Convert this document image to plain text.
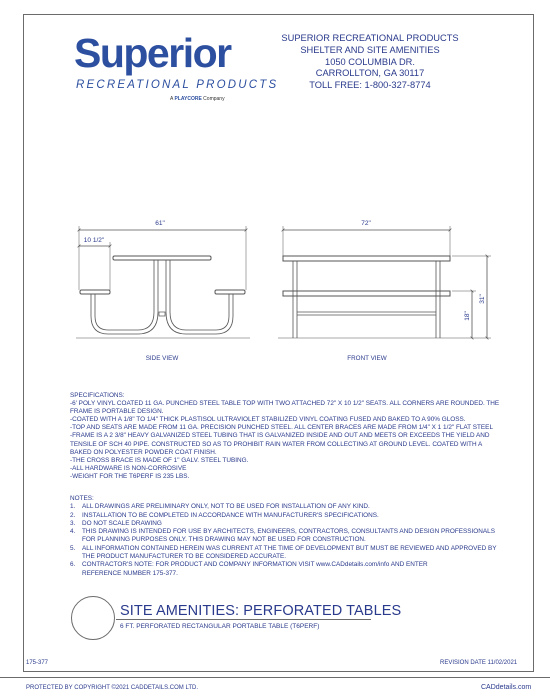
Superior
RECREATIONAL PRODUCTS
A PLAYCORE Company
SUPERIOR RECREATIONAL PRODUCTS
SHELTER AND SITE AMENITIES
1050 COLUMBIA DR.
CARROLLTON, GA 30117
TOLL FREE: 1-800-327-8774
61"
10 1/2"
SIDE VIEW
72"
31"
18"
FRONT VIEW
SPECIFICATIONS:
-6' POLY VINYL COATED 11 GA. PUNCHED STEEL TABLE TOP WITH TWO ATTACHED 72" X 10 1/2" SEATS. ALL CORNERS ARE ROUNDED. THE
FRAME IS PORTABLE DESIGN.
-COATED WITH A 1/8" TO 1/4" THICK PLASTISOL ULTRAVIOLET STABILIZED VINYL COATING FUSED AND BAKED TO A 90% GLOSS.
-TOP AND SEATS ARE MADE FROM 11 GA. PRECISION PUNCHED STEEL. ALL CENTER BRACES ARE MADE FROM 1/4" X 1 1/2" FLAT STEEL
-FRAME IS A 2 3/8" HEAVY GALVANIZED STEEL TUBING THAT IS GALVANIZED INSIDE AND OUT AND MEETS OR EXCEEDS THE YIELD AND
TENSILE OF SCH 40 PIPE. CONSTRUCTED SO AS TO PROHIBIT RAIN WATER FROM COLLECTING AT GROUND LEVEL. COATED WITH A
BAKED ON POLYESTER POWDER COAT FINISH.
-THE CROSS BRACE IS MADE OF 1" GALV. STEEL TUBING.
-ALL HARDWARE IS NON-CORROSIVE
-WEIGHT FOR THE T6PERF IS 235 LBS.
NOTES:
1.	ALL DRAWINGS ARE PRELIMINARY ONLY, NOT TO BE USED FOR INSTALLATION OF ANY KIND.
2.	INSTALLATION TO BE COMPLETED IN ACCORDANCE WITH MANUFACTURER'S SPECIFICATIONS.
3.	DO NOT SCALE DRAWING
4.	THIS DRAWING IS INTENDED FOR USE BY ARCHITECTS, ENGINEERS, CONTRACTORS, CONSULTANTS AND DESIGN PROFESSIONALS
FOR PLANNING PURPOSES ONLY. THIS DRAWING MAY NOT BE USED FOR CONSTRUCTION.
5.	ALL INFORMATION CONTAINED HEREIN WAS CURRENT AT THE TIME OF DEVELOPMENT BUT MUST BE REVIEWED AND APPROVED BY
THE PRODUCT MANUFACTURER TO BE CONSIDERED ACCURATE.
6.	CONTRACTOR'S NOTE: FOR PRODUCT AND COMPANY INFORMATION VISIT www.CADdetails.com/info AND ENTER
REFERENCE NUMBER 175-377.
SITE AMENITIES: PERFORATED TABLES
6 FT. PERFORATED RECTANGULAR PORTABLE TABLE (T6PERF)
175-377	REVISION DATE 11/02/2021
PROTECTED BY COPYRIGHT ©2021 CADDETAILS.COM LTD.	CADdetails.com
